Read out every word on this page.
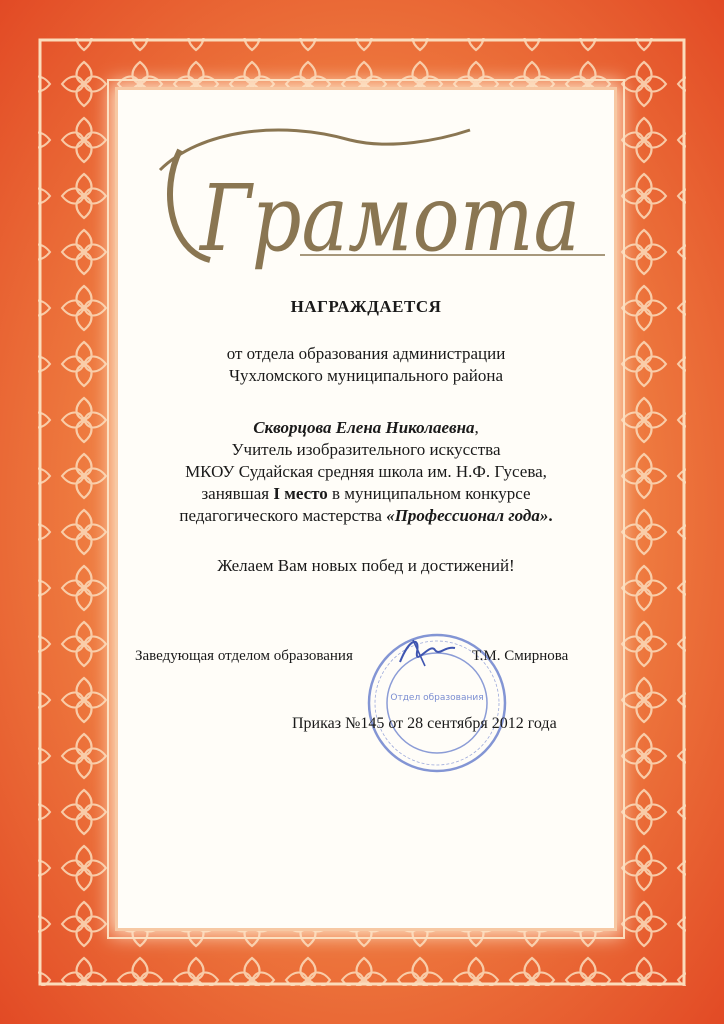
Грамота
НАГРАЖДАЕТСЯ
от отдела образования администрации
Чухломского муниципального района
Скворцова Елена Николаевна,
Учитель изобразительного искусства
МКОУ Судайская средняя школа им. Н.Ф. Гусева,
занявшая I место в муниципальном конкурсе
педагогического мастерства «Профессионал года».
Желаем Вам новых побед и достижений!
Отдел образования
Заведующая отделом образования	Т.М. Смирнова
Приказ №145 от 28 сентября 2012 года
